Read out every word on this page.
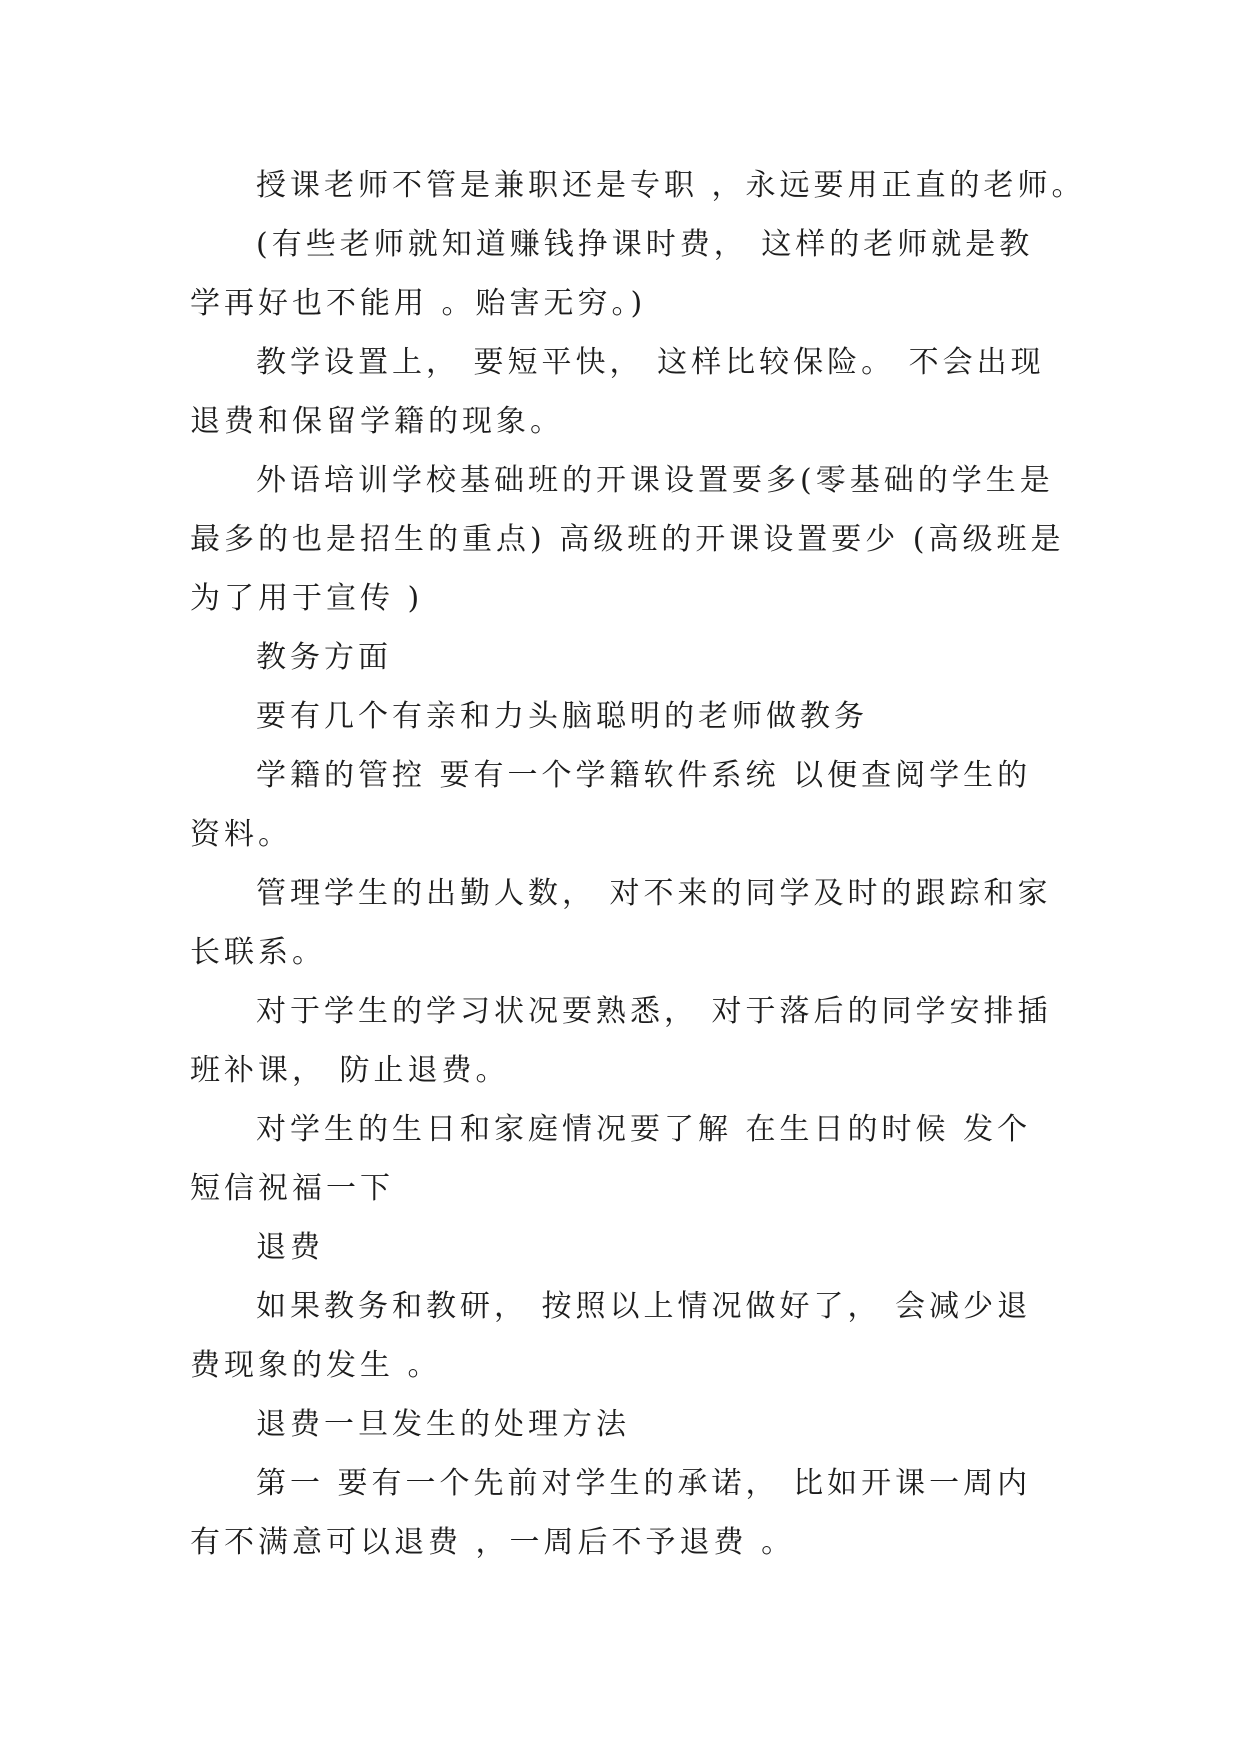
授课老师不管是兼职还是专职 ，永远要用正直的老师。
(有些老师就知道赚钱挣课时费， 这样的老师就是教
学再好也不能用 。贻害无穷。)
教学设置上， 要短平快， 这样比较保险。 不会出现
退费和保留学籍的现象。
外语培训学校基础班的开课设置要多(零基础的学生是
最多的也是招生的重点) 高级班的开课设置要少 (高级班是
为了用于宣传 )
教务方面
要有几个有亲和力头脑聪明的老师做教务
学籍的管控 要有一个学籍软件系统 以便查阅学生的
资料。
管理学生的出勤人数， 对不来的同学及时的跟踪和家
长联系。
对于学生的学习状况要熟悉， 对于落后的同学安排插
班补课， 防止退费。
对学生的生日和家庭情况要了解 在生日的时候 发个
短信祝福一下
退费
如果教务和教研， 按照以上情况做好了， 会减少退
费现象的发生 。
退费一旦发生的处理方法
第一 要有一个先前对学生的承诺， 比如开课一周内
有不满意可以退费 ，一周后不予退费 。
